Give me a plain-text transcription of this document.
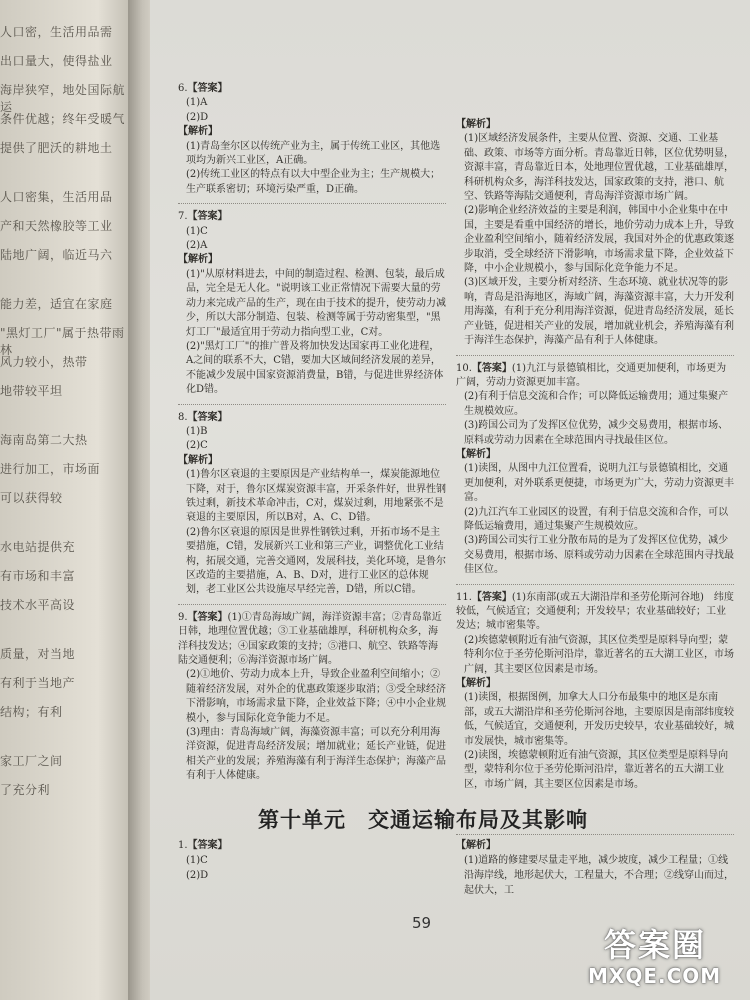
人口密，生活用品需
出口量大，使得盐业
海岸狭窄，地处国际航运
条件优越；终年受暖气
提供了肥沃的耕地土
人口密集，生活用品
产和天然橡胶等工业
陆地广阔，临近马六
能力差，适宜在家庭
"黑灯工厂"属于热带雨林
风力较小，热带
地带较平坦
海南岛第二大热
进行加工，市场面
可以获得较
水电站提供充
有市场和丰富
技术水平高设
质量，对当地
有利于当地产
结构；有利
家工厂之间
了充分利
6.【答案】
(1)A
(2)D
【解析】
(1)青岛奎尔区以传统产业为主，属于传统工业区，其他选项均为新兴工业区，A正确。
(2)传统工业区的特点有以大中型企业为主；生产规模大；生产联系密切；环境污染严重，D正确。
7.【答案】
(1)C
(2)A
【解析】
(1)"从原材料进去，中间的制造过程、检测、包装，最后成品，完全是无人化。"说明该工业正常情况下需要大量的劳动力来完成产品的生产，现在由于技术的提升，使劳动力减少，所以大部分制造、包装、检测等属于劳动密集型，"黑灯工厂"最适宜用于劳动力指向型工业，C对。
(2)"黑灯工厂"的推广普及将加快发达国家再工业化进程，A之间的联系不大，C错，要加大区域间经济发展的差异，不能减少发展中国家资源消费量，B错，与促进世界经济体化D错。
8.【答案】
(1)B
(2)C
【解析】
(1)鲁尔区衰退的主要原因是产业结构单一，煤炭能源地位下降，对于，鲁尔区煤炭资源丰富，开采条件好，世界性钢铁过剩，新技术革命冲击，C对，煤炭过剩，用地紧张不是衰退的主要原因，所以B对，A、C、D错。
(2)鲁尔区衰退的原因是世界性钢铁过剩，开拓市场不是主要措施，C错，发展新兴工业和第三产业，调整优化工业结构，拓展交通，完善交通网，发展科技，美化环境，是鲁尔区改造的主要措施，A、B、D对，进行工业区的总体规划，老工业区公共设施尽早经完善，D错，所以C错。
9.【答案】(1)①青岛海域广阔，海洋资源丰富；②青岛靠近日韩，地理位置优越；③工业基础雄厚，科研机构众多，海洋科技发达；④国家政策的支持；⑤港口、航空、铁路等海陆交通便利；⑥海洋资源市场广阔。
(2)①地价、劳动力成本上升，导致企业盈利空间缩小；②随着经济发展，对外企的优惠政策逐步取消；③受全球经济下滑影响，市场需求量下降，企业效益下降；④中小企业规模小，参与国际化竞争能力不足。
(3)理由：青岛海域广阔，海藻资源丰富；可以充分利用海洋资源，促进青岛经济发展；增加就业；延长产业链，促进相关产业的发展；养殖海藻有利于海洋生态保护；海藻产品有利于人体健康。
【解析】
(1)区域经济发展条件，主要从位置、资源、交通、工业基础、政策、市场等方面分析。青岛靠近日韩，区位优势明显，资源丰富，青岛靠近日本，处地理位置优越，工业基础雄厚，科研机构众多，海洋科技发达，国家政策的支持，港口、航空、铁路等海陆交通便利，青岛海洋资源市场广阔。
(2)影响企业经济效益的主要是利润，韩国中小企业集中在中国，主要是看重中国经济的增长，地价劳动力成本上升，导致企业盈利空间缩小，随着经济发展，我国对外企的优惠政策逐步取消，受全球经济下滑影响，市场需求量下降，企业效益下降，中小企业规模小，参与国际化竞争能力不足。
(3)区域开发，主要分析对经济、生态环境、就业状况等的影响，青岛是沿海地区，海域广阔，海藻资源丰富，大力开发利用海藻，有利于充分利用海洋资源，促进青岛经济发展，延长产业链，促进相关产业的发展，增加就业机会，养殖海藻有利于海洋生态保护，海藻产品有利于人体健康。
10.【答案】(1)九江与景德镇相比，交通更加便利，市场更为广阔，劳动力资源更加丰富。
(2)有利于信息交流和合作；可以降低运输费用；通过集聚产生规模效应。
(3)跨国公司为了发挥区位优势，减少交易费用，根据市场、原料或劳动力因素在全球范围内寻找最佳区位。
【解析】
(1)读图，从图中九江位置看，说明九江与景德镇相比，交通更加便利，对外联系更便捷，市场更为广大，劳动力资源更丰富。
(2)九江汽车工业园区的设置，有利于信息交流和合作，可以降低运输费用，通过集聚产生规模效应。
(3)跨国公司实行工业分散布局的是为了发挥区位优势，减少交易费用，根据市场、原料或劳动力因素在全球范围内寻找最佳区位。
11.【答案】(1)东南部(或五大湖沿岸和圣劳伦斯河谷地)　纬度较低，气候适宜；交通便利；开发较早；农业基础较好；工业发达；城市密集等。
(2)埃德蒙顿附近有油气资源，其区位类型是原料导向型；蒙特利尔位于圣劳伦斯河沿岸，靠近著名的五大湖工业区，市场广阔，其主要区位因素是市场。
【解析】
(1)读图，根据图例，加拿大人口分布最集中的地区是东南部，或五大湖沿岸和圣劳伦斯河谷地，主要原因是南部纬度较低，气候适宜，交通便利，开发历史较早，农业基础较好，城市发展快，城市密集等。
(2)读图，埃德蒙顿附近有油气资源，其区位类型是原料导向型，蒙特利尔位于圣劳伦斯河沿岸，靠近著名的五大湖工业区，市场广阔，其主要区位因素是市场。
第十单元　交通运输布局及其影响
1.【答案】
(1)C
(2)D
【解析】
(1)道路的修建要尽量走平地，减少坡度，减少工程量；①线沿海岸线，地形起伏大，工程量大，不合理；②线穿山而过，起伏大，工
59
答案圈
MXQE.COM
